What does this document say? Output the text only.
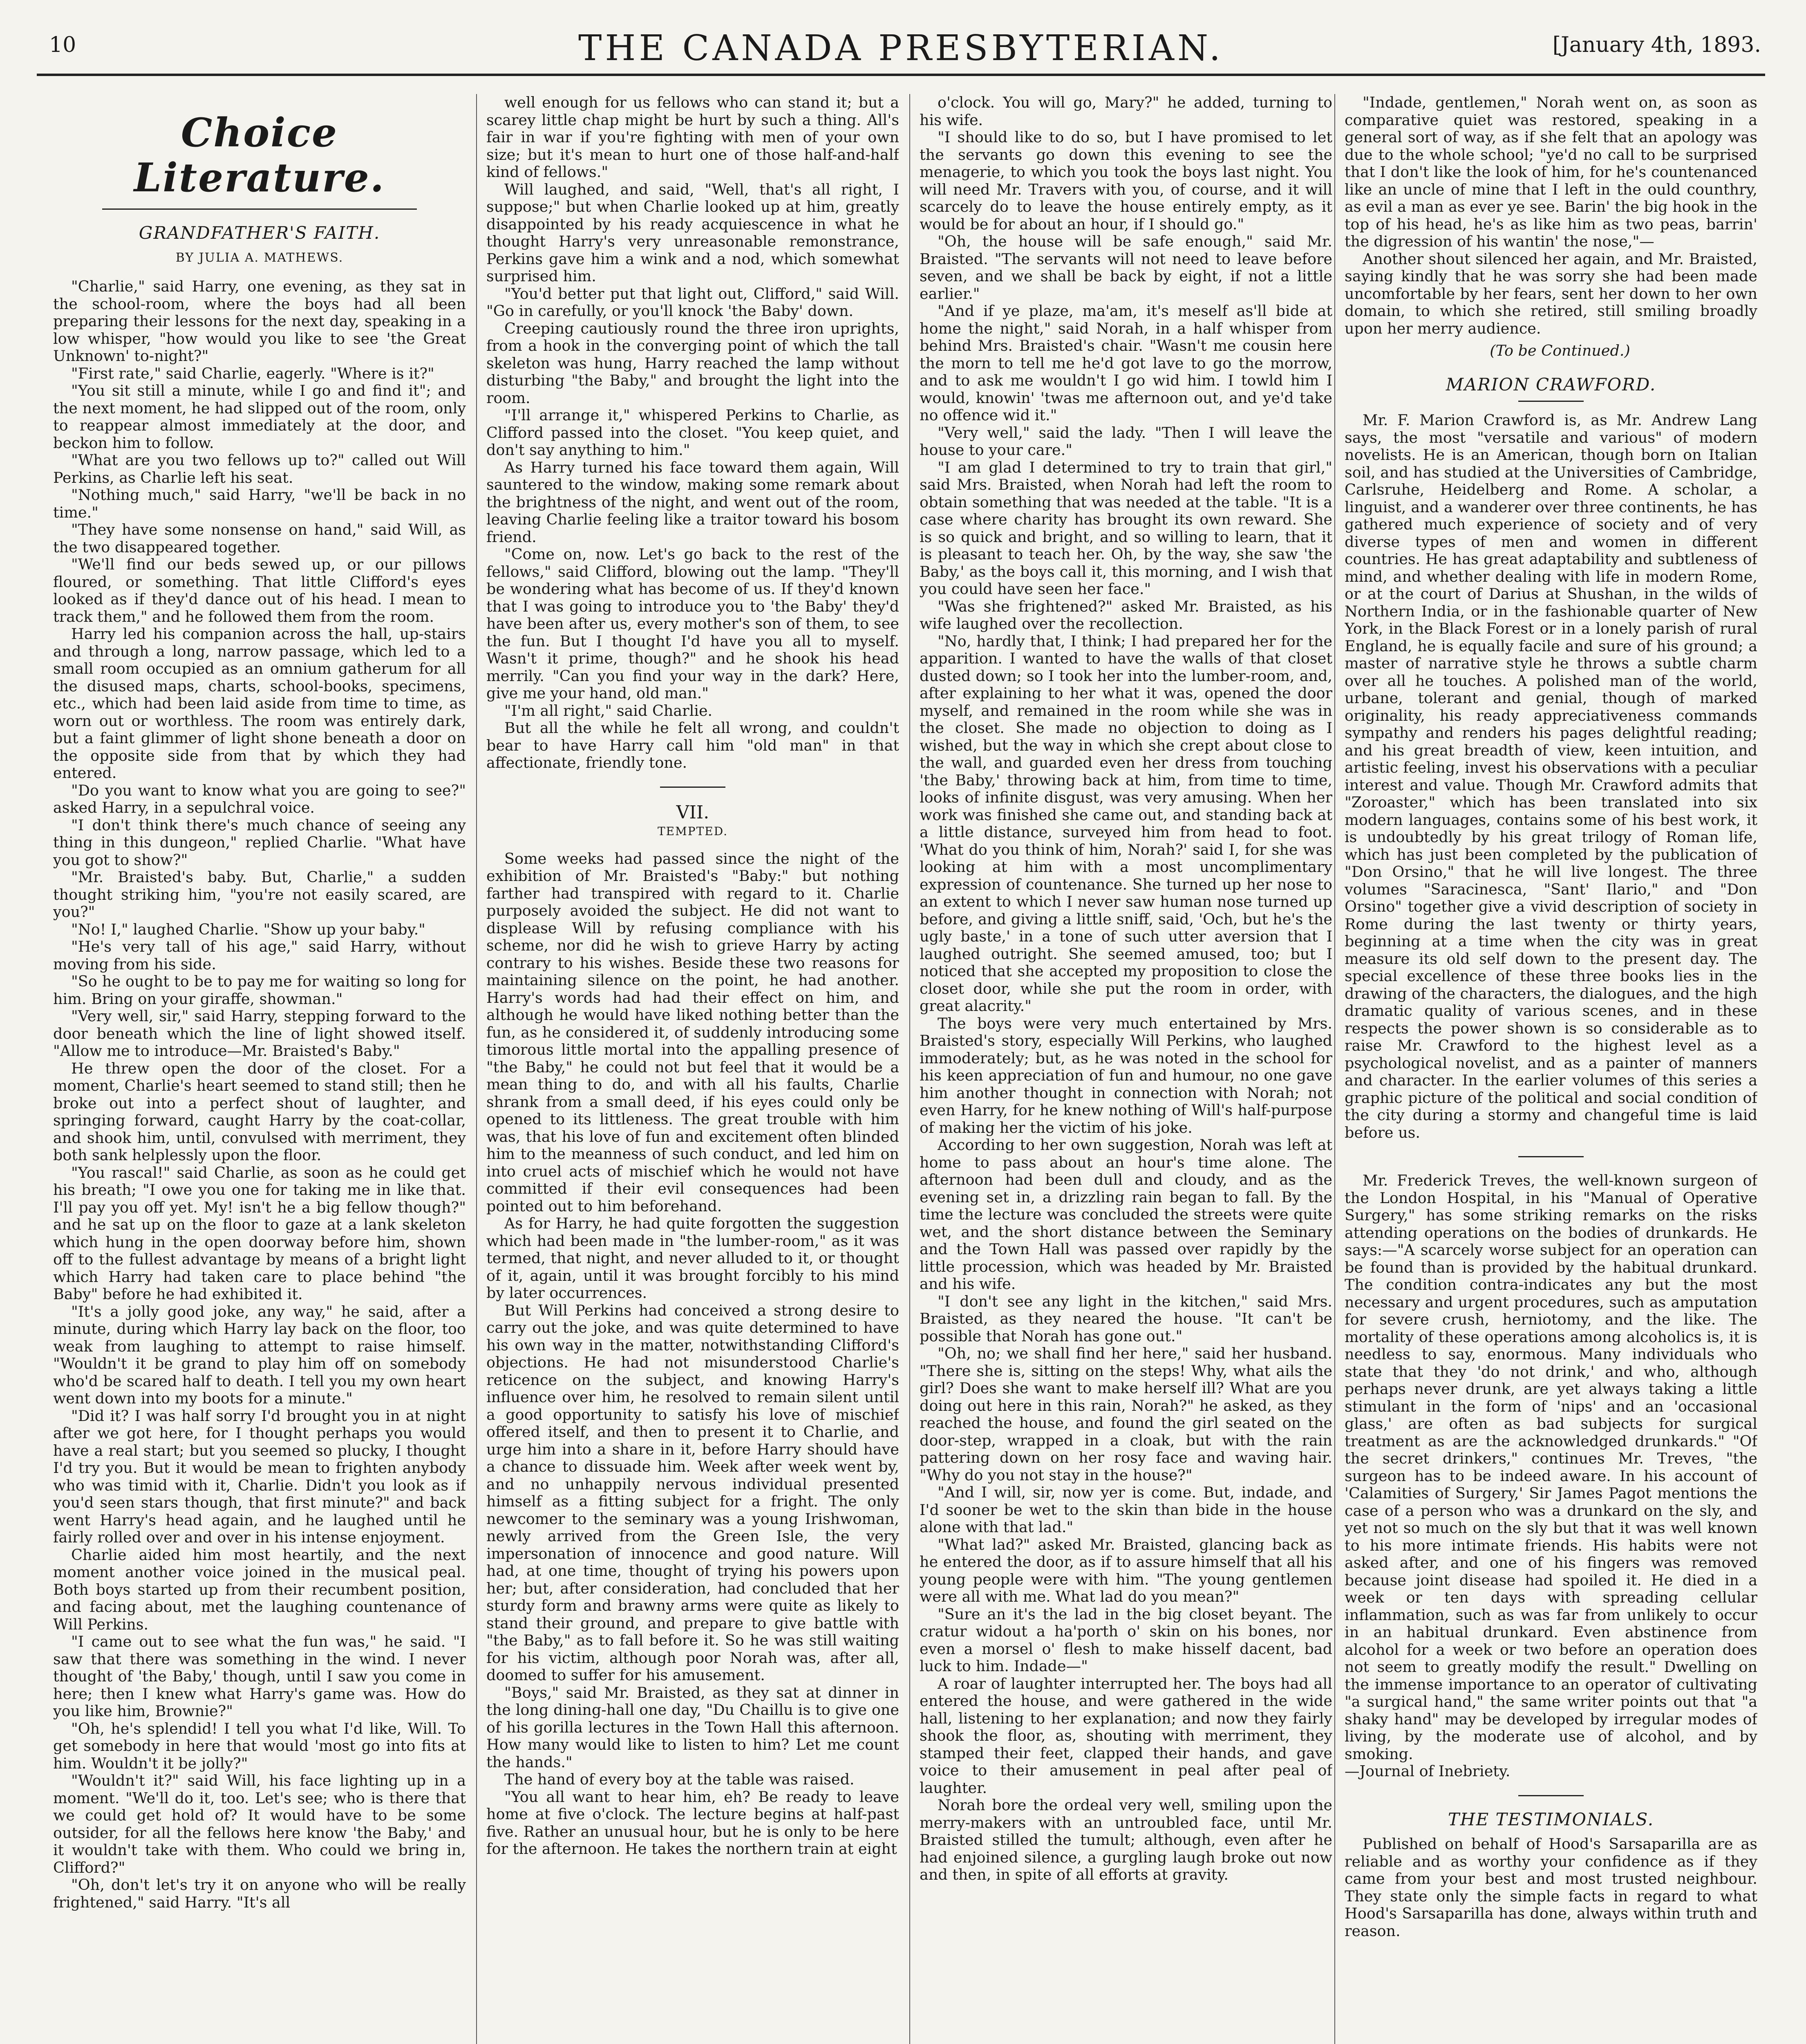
10	THE CANADA PRESBYTERIAN.	[January 4th, 1893.
Choice Literature.
GRANDFATHER'S FAITH.
BY JULIA A. MATHEWS.

"Charlie," said Harry, one evening, as they sat in the school-room, where the boys had all been preparing their lessons for the next day, speaking in a low whisper, "how would you like to see 'the Great Unknown' to-night?"

"First rate," said Charlie, eagerly. "Where is it?"

"You sit still a minute, while I go and find it"; and the next moment, he had slipped out of the room, only to reappear almost immediately at the door, and beckon him to follow.

"What are you two fellows up to?" called out Will Perkins, as Charlie left his seat.

"Nothing much," said Harry, "we'll be back in no time."

"They have some nonsense on hand," said Will, as the two disappeared together.

"We'll find our beds sewed up, or our pillows floured, or something. That little Clifford's eyes looked as if they'd dance out of his head. I mean to track them," and he followed them from the room.

Harry led his companion across the hall, up-stairs and through a long, narrow passage, which led to a small room occupied as an omnium gatherum for all the disused maps, charts, school-books, specimens, etc., which had been laid aside from time to time, as worn out or worthless. The room was entirely dark, but a faint glimmer of light shone beneath a door on the opposite side from that by which they had entered.

"Do you want to know what you are going to see?" asked Harry, in a sepulchral voice.

"I don't think there's much chance of seeing any thing in this dungeon," replied Charlie. "What have you got to show?"

"Mr. Braisted's baby. But, Charlie," a sudden thought striking him, "you're not easily scared, are you?"

"No! I," laughed Charlie. "Show up your baby."

"He's very tall of his age," said Harry, without moving from his side.

"So he ought to be to pay me for waiting so long for him. Bring on your giraffe, showman."

"Very well, sir," said Harry, stepping forward to the door beneath which the line of light showed itself. "Allow me to introduce—Mr. Braisted's Baby."

He threw open the door of the closet. For a moment, Charlie's heart seemed to stand still; then he broke out into a perfect shout of laughter, and springing forward, caught Harry by the coat-collar, and shook him, until, convulsed with merriment, they both sank helplessly upon the floor.

"You rascal!" said Charlie, as soon as he could get his breath; "I owe you one for taking me in like that. I'll pay you off yet. My! isn't he a big fellow though?" and he sat up on the floor to gaze at a lank skeleton which hung in the open doorway before him, shown off to the fullest advantage by means of a bright light which Harry had taken care to place behind "the Baby" before he had exhibited it.

"It's a jolly good joke, any way," he said, after a minute, during which Harry lay back on the floor, too weak from laughing to attempt to raise himself. "Wouldn't it be grand to play him off on somebody who'd be scared half to death. I tell you my own heart went down into my boots for a minute."

"Did it? I was half sorry I'd brought you in at night after we got here, for I thought perhaps you would have a real start; but you seemed so plucky, I thought I'd try you. But it would be mean to frighten anybody who was timid with it, Charlie. Didn't you look as if you'd seen stars though, that first minute?" and back went Harry's head again, and he laughed until he fairly rolled over and over in his intense enjoyment.

Charlie aided him most heartily, and the next moment another voice joined in the musical peal. Both boys started up from their recumbent position, and facing about, met the laughing countenance of Will Perkins.

"I came out to see what the fun was," he said. "I saw that there was something in the wind. I never thought of 'the Baby,' though, until I saw you come in here; then I knew what Harry's game was. How do you like him, Brownie?"

"Oh, he's splendid! I tell you what I'd like, Will. To get somebody in here that would 'most go into fits at him. Wouldn't it be jolly?"

"Wouldn't it?" said Will, his face lighting up in a moment. "We'll do it, too. Let's see; who is there that we could get hold of? It would have to be some outsider, for all the fellows here know 'the Baby,' and it wouldn't take with them. Who could we bring in, Clifford?"

"Oh, don't let's try it on anyone who will be really frightened," said Harry. "It's all

well enough for us fellows who can stand it; but a scarey little chap might be hurt by such a thing. All's fair in war if you're fighting with men of your own size; but it's mean to hurt one of those half-and-half kind of fellows."

Will laughed, and said, "Well, that's all right, I suppose;" but when Charlie looked up at him, greatly disappointed by his ready acquiescence in what he thought Harry's very unreasonable remonstrance, Perkins gave him a wink and a nod, which somewhat surprised him.

"You'd better put that light out, Clifford," said Will. "Go in carefully, or you'll knock 'the Baby' down.

Creeping cautiously round the three iron uprights, from a hook in the converging point of which the tall skeleton was hung, Harry reached the lamp without disturbing "the Baby," and brought the light into the room.

"I'll arrange it," whispered Perkins to Charlie, as Clifford passed into the closet. "You keep quiet, and don't say anything to him."

As Harry turned his face toward them again, Will sauntered to the window, making some remark about the brightness of the night, and went out of the room, leaving Charlie feeling like a traitor toward his bosom friend.

"Come on, now. Let's go back to the rest of the fellows," said Clifford, blowing out the lamp. "They'll be wondering what has become of us. If they'd known that I was going to introduce you to 'the Baby' they'd have been after us, every mother's son of them, to see the fun. But I thought I'd have you all to myself. Wasn't it prime, though?" and he shook his head merrily. "Can you find your way in the dark? Here, give me your hand, old man."

"I'm all right," said Charlie.

But all the while he felt all wrong, and couldn't bear to have Harry call him "old man" in that affectionate, friendly tone.

VII.
TEMPTED.

Some weeks had passed since the night of the exhibition of Mr. Braisted's "Baby:" but nothing farther had transpired with regard to it. Charlie purposely avoided the subject. He did not want to displease Will by refusing compliance with his scheme, nor did he wish to grieve Harry by acting contrary to his wishes. Beside these two reasons for maintaining silence on the point, he had another. Harry's words had had their effect on him, and although he would have liked nothing better than the fun, as he considered it, of suddenly introducing some timorous little mortal into the appalling presence of "the Baby," he could not but feel that it would be a mean thing to do, and with all his faults, Charlie shrank from a small deed, if his eyes could only be opened to its littleness. The great trouble with him was, that his love of fun and excitement often blinded him to the meanness of such conduct, and led him on into cruel acts of mischief which he would not have committed if their evil consequences had been pointed out to him beforehand.

As for Harry, he had quite forgotten the suggestion which had been made in "the lumber-room," as it was termed, that night, and never alluded to it, or thought of it, again, until it was brought forcibly to his mind by later occurrences.

But Will Perkins had conceived a strong desire to carry out the joke, and was quite determined to have his own way in the matter, notwithstanding Clifford's objections. He had not misunderstood Charlie's reticence on the subject, and knowing Harry's influence over him, he resolved to remain silent until a good opportunity to satisfy his love of mischief offered itself, and then to present it to Charlie, and urge him into a share in it, before Harry should have a chance to dissuade him. Week after week went by, and no unhappily nervous individual presented himself as a fitting subject for a fright. The only newcomer to the seminary was a young Irishwoman, newly arrived from the Green Isle, the very impersonation of innocence and good nature. Will had, at one time, thought of trying his powers upon her; but, after consideration, had concluded that her sturdy form and brawny arms were quite as likely to stand their ground, and prepare to give battle with "the Baby," as to fall before it. So he was still waiting for his victim, although poor Norah was, after all, doomed to suffer for his amusement.

"Boys," said Mr. Braisted, as they sat at dinner in the long dining-hall one day, "Du Chaillu is to give one of his gorilla lectures in the Town Hall this afternoon. How many would like to listen to him? Let me count the hands."

The hand of every boy at the table was raised.

"You all want to hear him, eh? Be ready to leave home at five o'clock. The lecture begins at half-past five. Rather an unusual hour, but he is only to be here for the afternoon. He takes the northern train at eight

o'clock. You will go, Mary?" he added, turning to his wife.

"I should like to do so, but I have promised to let the servants go down this evening to see the menagerie, to which you took the boys last night. You will need Mr. Travers with you, of course, and it will scarcely do to leave the house entirely empty, as it would be for about an hour, if I should go."

"Oh, the house will be safe enough," said Mr. Braisted. "The servants will not need to leave before seven, and we shall be back by eight, if not a little earlier."

"And if ye plaze, ma'am, it's meself as'll bide at home the night," said Norah, in a half whisper from behind Mrs. Braisted's chair. "Wasn't me cousin here the morn to tell me he'd got lave to go the morrow, and to ask me wouldn't I go wid him. I towld him I would, knowin' 'twas me afternoon out, and ye'd take no offence wid it."

"Very well," said the lady. "Then I will leave the house to your care."

"I am glad I determined to try to train that girl," said Mrs. Braisted, when Norah had left the room to obtain something that was needed at the table. "It is a case where charity has brought its own reward. She is so quick and bright, and so willing to learn, that it is pleasant to teach her. Oh, by the way, she saw 'the Baby,' as the boys call it, this morning, and I wish that you could have seen her face."

"Was she frightened?" asked Mr. Braisted, as his wife laughed over the recollection.

"No, hardly that, I think; I had prepared her for the apparition. I wanted to have the walls of that closet dusted down; so I took her into the lumber-room, and, after explaining to her what it was, opened the door myself, and remained in the room while she was in the closet. She made no objection to doing as I wished, but the way in which she crept about close to the wall, and guarded even her dress from touching 'the Baby,' throwing back at him, from time to time, looks of infinite disgust, was very amusing. When her work was finished she came out, and standing back at a little distance, surveyed him from head to foot. 'What do you think of him, Norah?' said I, for she was looking at him with a most uncomplimentary expression of countenance. She turned up her nose to an extent to which I never saw human nose turned up before, and giving a little sniff, said, 'Och, but he's the ugly baste,' in a tone of such utter aversion that I laughed outright. She seemed amused, too; but I noticed that she accepted my proposition to close the closet door, while she put the room in order, with great alacrity."

The boys were very much entertained by Mrs. Braisted's story, especially Will Perkins, who laughed immoderately; but, as he was noted in the school for his keen appreciation of fun and humour, no one gave him another thought in connection with Norah; not even Harry, for he knew nothing of Will's half-purpose of making her the victim of his joke.

According to her own suggestion, Norah was left at home to pass about an hour's time alone. The afternoon had been dull and cloudy, and as the evening set in, a drizzling rain began to fall. By the time the lecture was concluded the streets were quite wet, and the short distance between the Seminary and the Town Hall was passed over rapidly by the little procession, which was headed by Mr. Braisted and his wife.

"I don't see any light in the kitchen," said Mrs. Braisted, as they neared the house. "It can't be possible that Norah has gone out."

"Oh, no; we shall find her here," said her husband. "There she is, sitting on the steps! Why, what ails the girl? Does she want to make herself ill? What are you doing out here in this rain, Norah?" he asked, as they reached the house, and found the girl seated on the door-step, wrapped in a cloak, but with the rain pattering down on her rosy face and waving hair. "Why do you not stay in the house?"

"And I will, sir, now yer is come. But, indade, and I'd sooner be wet to the skin than bide in the house alone with that lad."

"What lad?" asked Mr. Braisted, glancing back as he entered the door, as if to assure himself that all his young people were with him. "The young gentlemen were all with me. What lad do you mean?"

"Sure an it's the lad in the big closet beyant. The cratur widout a ha'porth o' skin on his bones, nor even a morsel o' flesh to make hisself dacent, bad luck to him. Indade—"

A roar of laughter interrupted her. The boys had all entered the house, and were gathered in the wide hall, listening to her explanation; and now they fairly shook the floor, as, shouting with merriment, they stamped their feet, clapped their hands, and gave voice to their amusement in peal after peal of laughter.

Norah bore the ordeal very well, smiling upon the merry-makers with an untroubled face, until Mr. Braisted stilled the tumult; although, even after he had enjoined silence, a gurgling laugh broke out now and then, in spite of all efforts at gravity.

"Indade, gentlemen," Norah went on, as soon as comparative quiet was restored, speaking in a general sort of way, as if she felt that an apology was due to the whole school; "ye'd no call to be surprised that I don't like the look of him, for he's countenanced like an uncle of mine that I left in the ould counthry, as evil a man as ever ye see. Barin' the big hook in the top of his head, he's as like him as two peas, barrin' the digression of his wantin' the nose,"—

Another shout silenced her again, and Mr. Braisted, saying kindly that he was sorry she had been made uncomfortable by her fears, sent her down to her own domain, to which she retired, still smiling broadly upon her merry audience.

(To be Continued.)

MARION CRAWFORD.

Mr. F. Marion Crawford is, as Mr. Andrew Lang says, the most "versatile and various" of modern novelists. He is an American, though born on Italian soil, and has studied at the Universities of Cambridge, Carlsruhe, Heidelberg and Rome. A scholar, a linguist, and a wanderer over three continents, he has gathered much experience of society and of very diverse types of men and women in different countries. He has great adaptability and subtleness of mind, and whether dealing with life in modern Rome, or at the court of Darius at Shushan, in the wilds of Northern India, or in the fashionable quarter of New York, in the Black Forest or in a lonely parish of rural England, he is equally facile and sure of his ground; a master of narrative style he throws a subtle charm over all he touches. A polished man of the world, urbane, tolerant and genial, though of marked originality, his ready appreciativeness commands sympathy and renders his pages delightful reading; and his great breadth of view, keen intuition, and artistic feeling, invest his observations with a peculiar interest and value. Though Mr. Crawford admits that "Zoroaster," which has been translated into six modern languages, contains some of his best work, it is undoubtedly by his great trilogy of Roman life, which has just been completed by the publication of "Don Orsino," that he will live longest. The three volumes "Saracinesca, "Sant' Ilario," and "Don Orsino" together give a vivid description of society in Rome during the last twenty or thirty years, beginning at a time when the city was in great measure its old self down to the present day. The special excellence of these three books lies in the drawing of the characters, the dialogues, and the high dramatic quality of various scenes, and in these respects the power shown is so considerable as to raise Mr. Crawford to the highest level as a psychological novelist, and as a painter of manners and character. In the earlier volumes of this series a graphic picture of the political and social condition of the city during a stormy and changeful time is laid before us.

Mr. Frederick Treves, the well-known surgeon of the London Hospital, in his "Manual of Operative Surgery," has some striking remarks on the risks attending operations on the bodies of drunkards. He says:—"A scarcely worse subject for an operation can be found than is provided by the habitual drunkard. The condition contra-indicates any but the most necessary and urgent procedures, such as amputation for severe crush, herniotomy, and the like. The mortality of these operations among alcoholics is, it is needless to say, enormous. Many individuals who state that they 'do not drink,' and who, although perhaps never drunk, are yet always taking a little stimulant in the form of 'nips' and an 'occasional glass,' are often as bad subjects for surgical treatment as are the acknowledged drunkards." "Of the secret drinkers," continues Mr. Treves, "the surgeon has to be indeed aware. In his account of 'Calamities of Surgery,' Sir James Pagot mentions the case of a person who was a drunkard on the sly, and yet not so much on the sly but that it was well known to his more intimate friends. His habits were not asked after, and one of his fingers was removed because joint disease had spoiled it. He died in a week or ten days with spreading cellular inflammation, such as was far from unlikely to occur in an habitual drunkard. Even abstinence from alcohol for a week or two before an operation does not seem to greatly modify the result." Dwelling on the immense importance to an operator of cultivating "a surgical hand," the same writer points out that "a shaky hand" may be developed by irregular modes of living, by the moderate use of alcohol, and by smoking.

—Journal of Inebriety.

THE TESTIMONIALS.

Published on behalf of Hood's Sarsaparilla are as reliable and as worthy your confidence as if they came from your best and most trusted neighbour. They state only the simple facts in regard to what Hood's Sarsaparilla has done, always within truth and reason.
